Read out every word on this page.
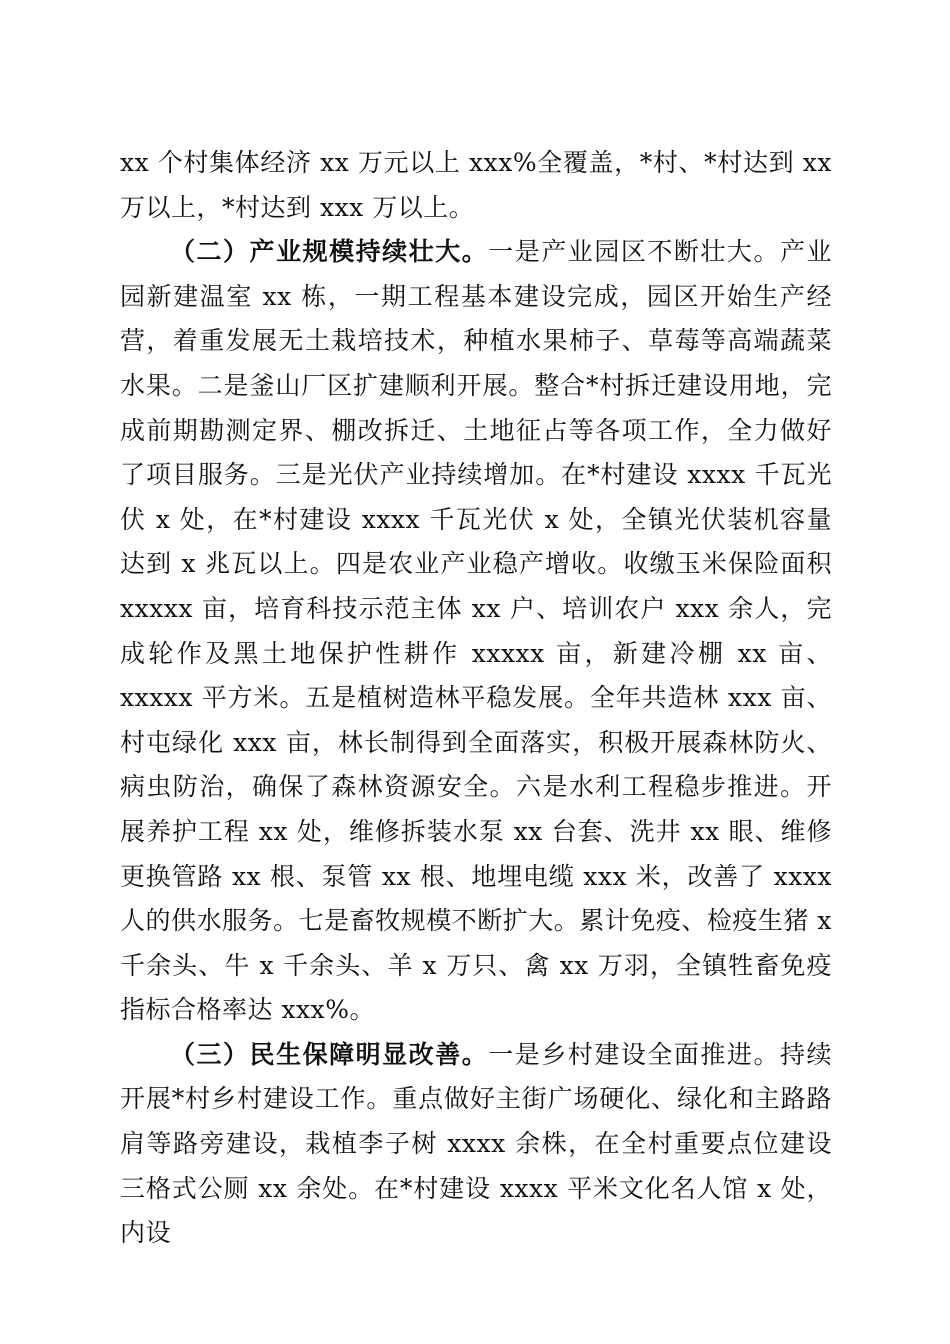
xx 个村集体经济 xx 万元以上 xxx%全覆盖，*村、*村达到 xx 万以上，*村达到 xxx 万以上。

（二）产业规模持续壮大。一是产业园区不断壮大。产业园新建温室 xx 栋，一期工程基本建设完成，园区开始生产经营，着重发展无土栽培技术，种植水果柿子、草莓等高端蔬菜水果。二是釜山厂区扩建顺利开展。整合*村拆迁建设用地，完成前期勘测定界、棚改拆迁、土地征占等各项工作，全力做好了项目服务。三是光伏产业持续增加。在*村建设 xxxx 千瓦光伏 x 处，在*村建设 xxxx 千瓦光伏 x 处，全镇光伏装机容量达到 x 兆瓦以上。四是农业产业稳产增收。收缴玉米保险面积 xxxxx 亩，培育科技示范主体 xx 户、培训农户 xxx 余人，完成轮作及黑土地保护性耕作 xxxxx 亩，新建冷棚 xx 亩、xxxxx 平方米。五是植树造林平稳发展。全年共造林 xxx 亩、村屯绿化 xxx 亩，林长制得到全面落实，积极开展森林防火、病虫防治，确保了森林资源安全。六是水利工程稳步推进。开展养护工程 xx 处，维修拆装水泵 xx 台套、洗井 xx 眼、维修更换管路 xx 根、泵管 xx 根、地埋电缆 xxx 米，改善了 xxxx 人的供水服务。七是畜牧规模不断扩大。累计免疫、检疫生猪 x 千余头、牛 x 千余头、羊 x 万只、禽 xx 万羽，全镇牲畜免疫指标合格率达 xxx%。

（三）民生保障明显改善。一是乡村建设全面推进。持续开展*村乡村建设工作。重点做好主街广场硬化、绿化和主路路肩等路旁建设，栽植李子树 xxxx 余株，在全村重要点位建设三格式公厕 xx 余处。在*村建设 xxxx 平米文化名人馆 x 处，内设
